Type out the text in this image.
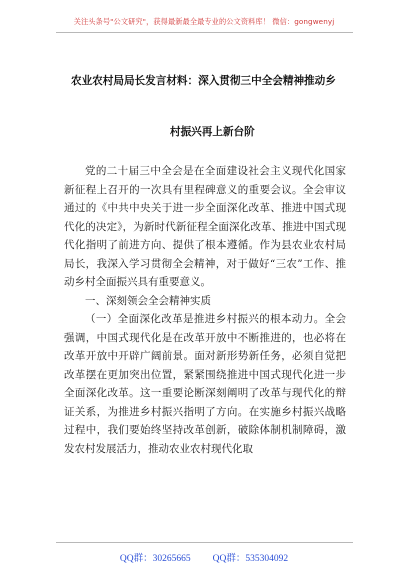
关注头条号"公文研究"，获得最新最全最专业的公文资料库！ 微信：gongwenyj
农业农村局局长发言材料：深入贯彻三中全会精神推动乡
村振兴再上新台阶

党的二十届三中全会是在全面建设社会主义现代化国家新征程上召开的一次具有里程碑意义的重要会议。全会审议通过的《中共中央关于进一步全面深化改革、推进中国式现代化的决定》，为新时代新征程全面深化改革、推进中国式现代化指明了前进方向、提供了根本遵循。作为县农业农村局局长，我深入学习贯彻全会精神，对于做好“三农”工作、推动乡村全面振兴具有重要意义。

一、深刻领会全会精神实质

（一）全面深化改革是推进乡村振兴的根本动力。全会强调，中国式现代化是在改革开放中不断推进的，也必将在改革开放中开辟广阔前景。面对新形势新任务，必须自觉把改革摆在更加突出位置，紧紧围绕推进中国式现代化进一步全面深化改革。这一重要论断深刻阐明了改革与现代化的辩证关系，为推进乡村振兴指明了方向。在实施乡村振兴战略过程中，我们要始终坚持改革创新，破除体制机制障碍，激发农村发展活力，推动农业农村现代化取

QQ群：30265665 QQ群：535304092
